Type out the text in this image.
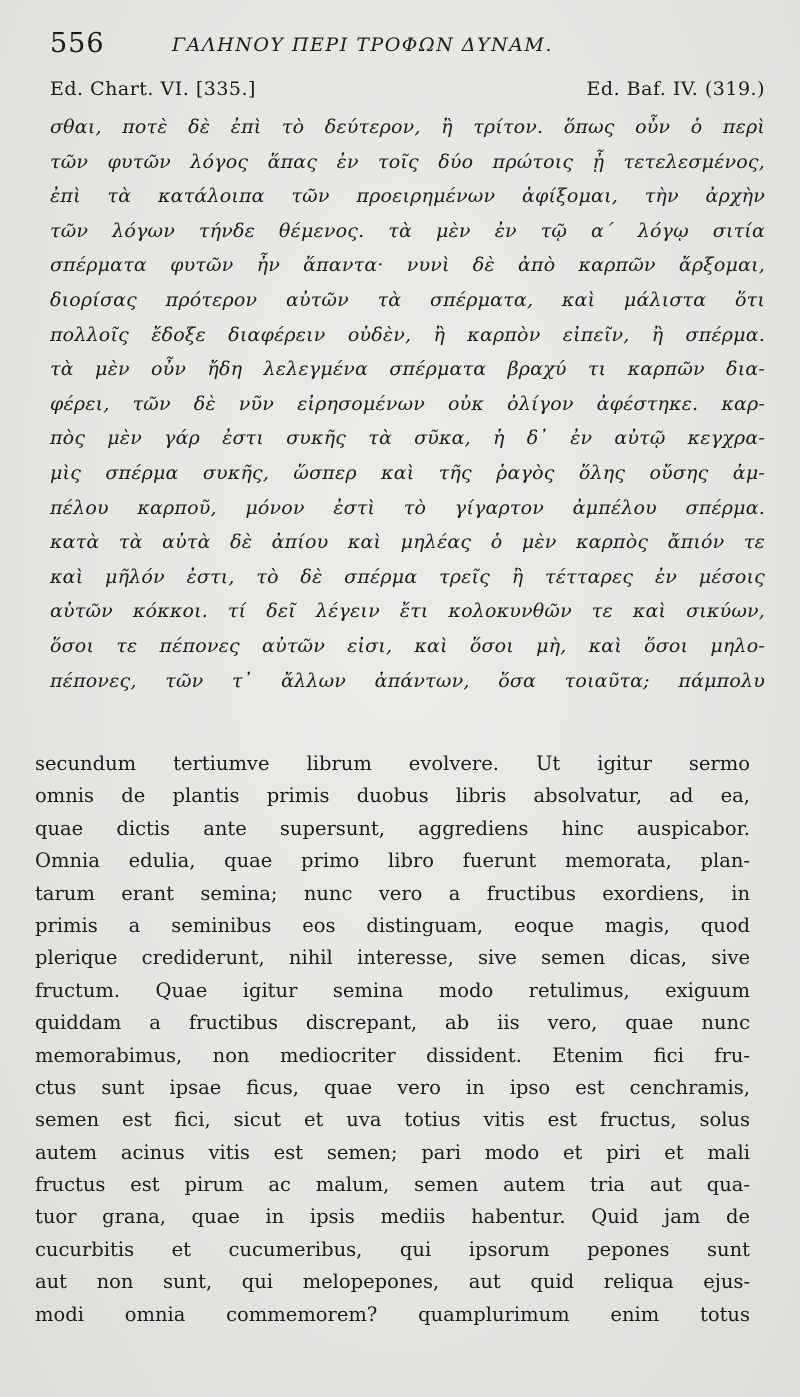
556	ΓΑΛΗΝΟΥ ΠΕΡΙ ΤΡΟΦΩΝ ΔΥΝΑΜ.
Ed. Chart. VI. [335.]	Ed. Baf. IV. (319.)
σθαι, ποτὲ δὲ ἐπὶ τὸ δεύτερον, ἢ τρίτον. ὅπως οὖν ὁ περὶ
τῶν φυτῶν λόγος ἅπας ἐν τοῖς δύο πρώτοις ᾖ τετελεσμένος,
ἐπὶ τὰ κατάλοιπα τῶν προειρημένων ἀφίξομαι, τὴν ἀρχὴν
τῶν λόγων τήνδε θέμενος. τὰ μὲν ἐν τῷ α΄ λόγῳ σιτία
σπέρματα φυτῶν ἦν ἅπαντα· νυνὶ δὲ ἀπὸ καρπῶν ἄρξομαι,
διορίσας πρότερον αὐτῶν τὰ σπέρματα, καὶ μάλιστα ὅτι
πολλοῖς ἔδοξε διαφέρειν οὐδὲν, ἢ καρπὸν εἰπεῖν, ἢ σπέρμα.
τὰ μὲν οὖν ἤδη λελεγμένα σπέρματα βραχύ τι καρπῶν δια-
φέρει, τῶν δὲ νῦν εἰρησομένων οὐκ ὀλίγον ἀφέστηκε. καρ-
πὸς μὲν γάρ ἐστι συκῆς τὰ σῦκα, ἡ δ᾽ ἐν αὐτῷ κεγχρα-
μὶς σπέρμα συκῆς, ὥσπερ καὶ τῆς ῥαγὸς ὅλης οὔσης ἀμ-
πέλου καρποῦ, μόνον ἐστὶ τὸ γίγαρτον ἀμπέλου σπέρμα.
κατὰ τὰ αὐτὰ δὲ ἀπίου καὶ μηλέας ὁ μὲν καρπὸς ἄπιόν τε
καὶ μῆλόν ἐστι, τὸ δὲ σπέρμα τρεῖς ἢ τέτταρες ἐν μέσοις
αὐτῶν κόκκοι. τί δεῖ λέγειν ἔτι κολοκυνθῶν τε καὶ σικύων,
ὅσοι τε πέπονες αὐτῶν εἰσι, καὶ ὅσοι μὴ, καὶ ὅσοι μηλο-
πέπονες, τῶν τ᾽ ἄλλων ἁπάντων, ὅσα τοιαῦτα; πάμπολυ
secundum tertiumve librum evolvere. Ut igitur sermo
omnis de plantis primis duobus libris absolvatur, ad ea,
quae dictis ante supersunt, aggrediens hinc auspicabor.
Omnia edulia, quae primo libro fuerunt memorata, plan-
tarum erant semina; nunc vero a fructibus exordiens, in
primis a seminibus eos distinguam, eoque magis, quod
plerique crediderunt, nihil interesse, sive semen dicas, sive
fructum. Quae igitur semina modo retulimus, exiguum
quiddam a fructibus discrepant, ab iis vero, quae nunc
memorabimus, non mediocriter dissident. Etenim fici fru-
ctus sunt ipsae ficus, quae vero in ipso est cenchramis,
semen est fici, sicut et uva totius vitis est fructus, solus
autem acinus vitis est semen; pari modo et piri et mali
fructus est pirum ac malum, semen autem tria aut qua-
tuor grana, quae in ipsis mediis habentur. Quid jam de
cucurbitis et cucumeribus, qui ipsorum pepones sunt
aut non sunt, qui melopepones, aut quid reliqua ejus-
modi omnia commemorem? quamplurimum enim totus
